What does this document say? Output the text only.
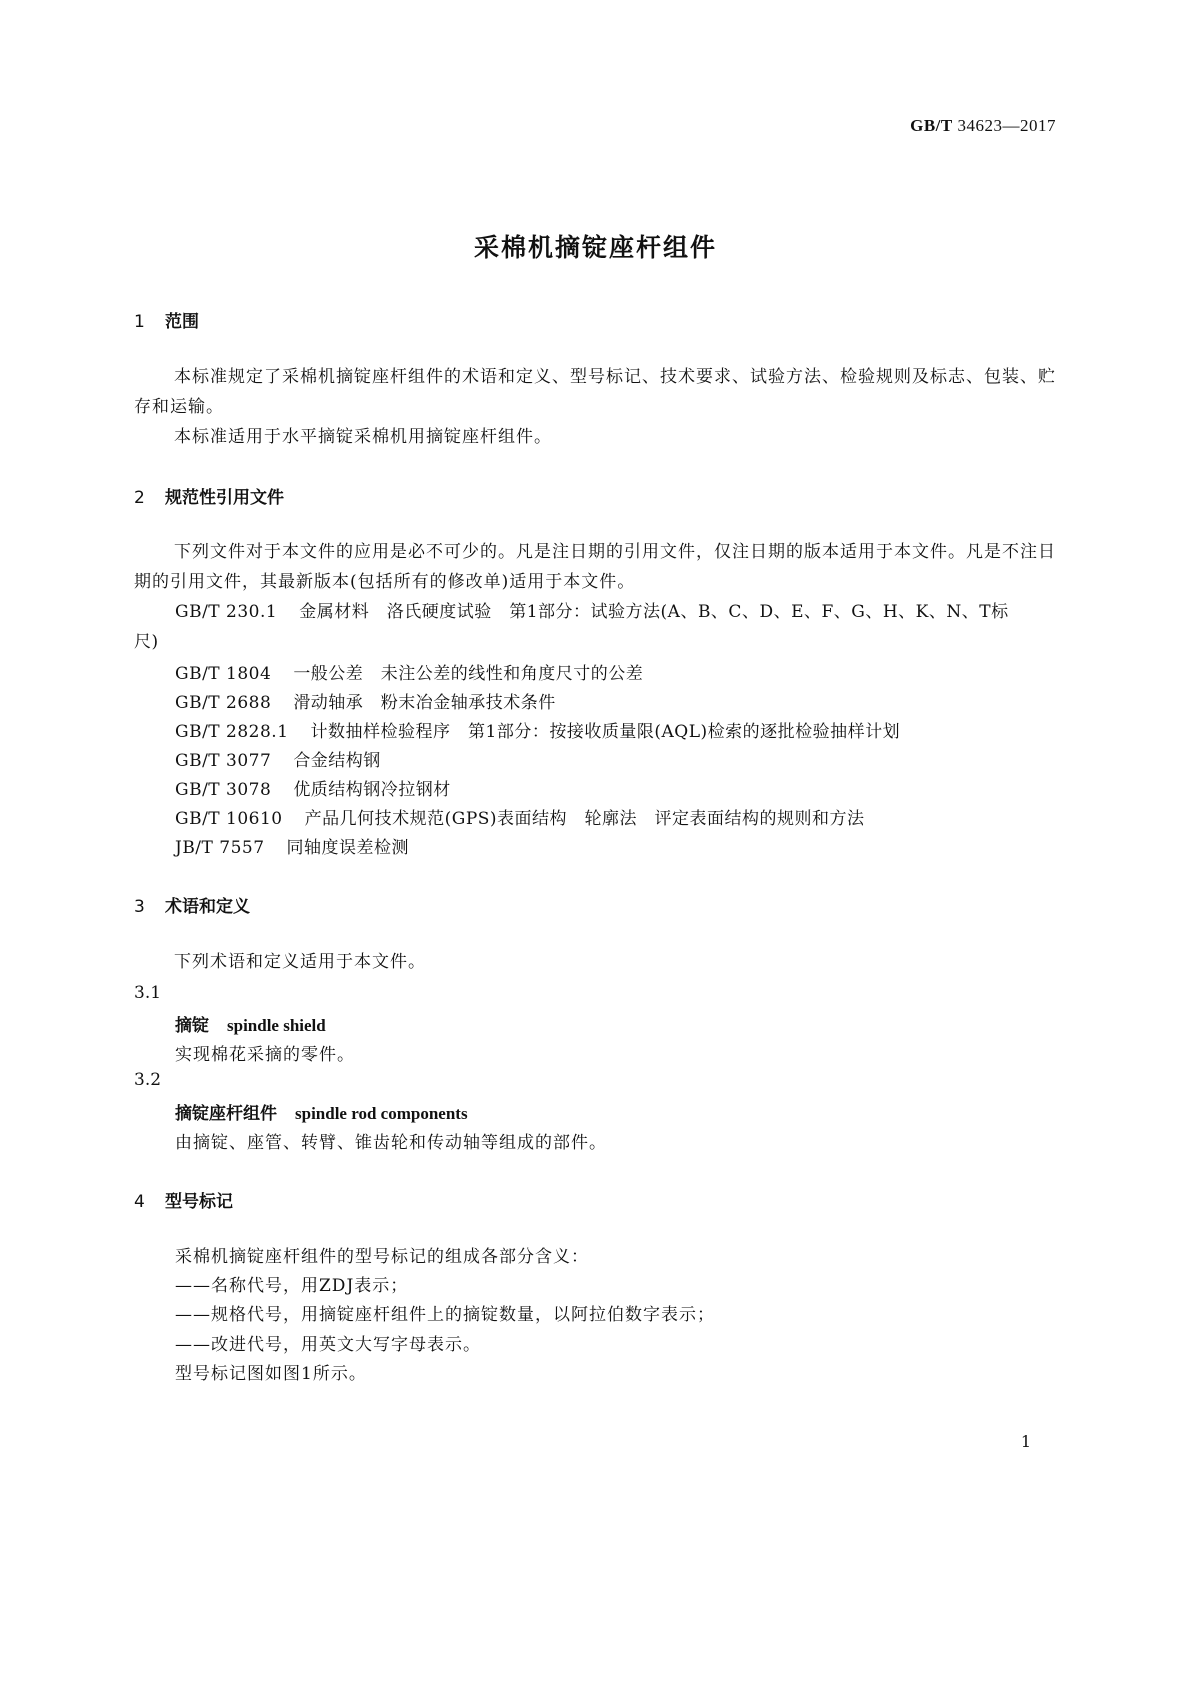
GB/T 34623—2017
采棉机摘锭座杆组件
1 范围
本标准规定了采棉机摘锭座杆组件的术语和定义、型号标记、技术要求、试验方法、检验规则及标志、包装、贮存和运输。
本标准适用于水平摘锭采棉机用摘锭座杆组件。
2 规范性引用文件
下列文件对于本文件的应用是必不可少的。凡是注日期的引用文件，仅注日期的版本适用于本文件。凡是不注日期的引用文件，其最新版本(包括所有的修改单)适用于本文件。
GB/T 230.1 金属材料　洛氏硬度试验　第1部分：试验方法(A、B、C、D、E、F、G、H、K、N、T标尺)
GB/T 1804 一般公差　未注公差的线性和角度尺寸的公差
GB/T 2688 滑动轴承　粉末冶金轴承技术条件
GB/T 2828.1 计数抽样检验程序　第1部分：按接收质量限(AQL)检索的逐批检验抽样计划
GB/T 3077 合金结构钢
GB/T 3078 优质结构钢冷拉钢材
GB/T 10610 产品几何技术规范(GPS)表面结构　轮廓法　评定表面结构的规则和方法
JB/T 7557 同轴度误差检测
3 术语和定义
下列术语和定义适用于本文件。
3.1
摘锭 spindle shield
实现棉花采摘的零件。
3.2
摘锭座杆组件 spindle rod components
由摘锭、座管、转臂、锥齿轮和传动轴等组成的部件。
4 型号标记
采棉机摘锭座杆组件的型号标记的组成各部分含义：
——名称代号，用ZDJ表示；
——规格代号，用摘锭座杆组件上的摘锭数量，以阿拉伯数字表示；
——改进代号，用英文大写字母表示。
型号标记图如图1所示。
1
